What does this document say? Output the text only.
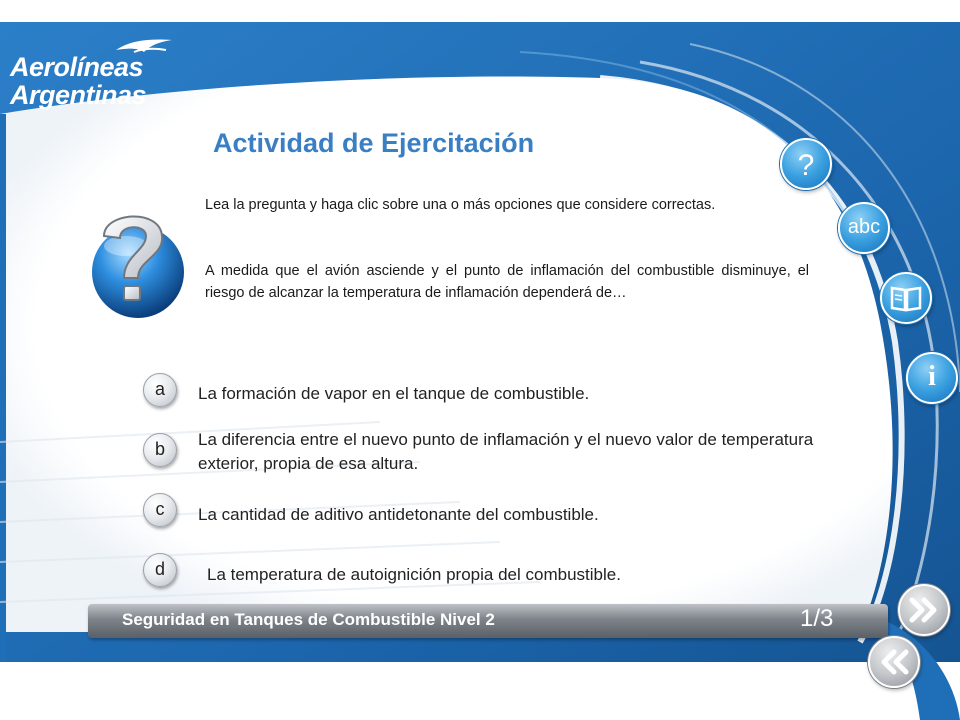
Aerolíneas
Argentinas
Actividad de Ejercitación

Lea la pregunta y haga clic sobre una o más opciones que considere correctas.

A medida que el avión asciende y el punto de inflamación del combustible disminuye, el riesgo de alcanzar la temperatura de inflamación dependerá de…

a	La formación de vapor en el tanque de combustible.
b	La diferencia entre el nuevo punto de inflamación y el nuevo valor de temperatura exterior, propia de esa altura.
c	La cantidad de aditivo antidetonante del combustible.
d	La temperatura de autoignición propia del combustible.
?
abc
i
Seguridad en Tanques de Combustible Nivel 2	1/3
